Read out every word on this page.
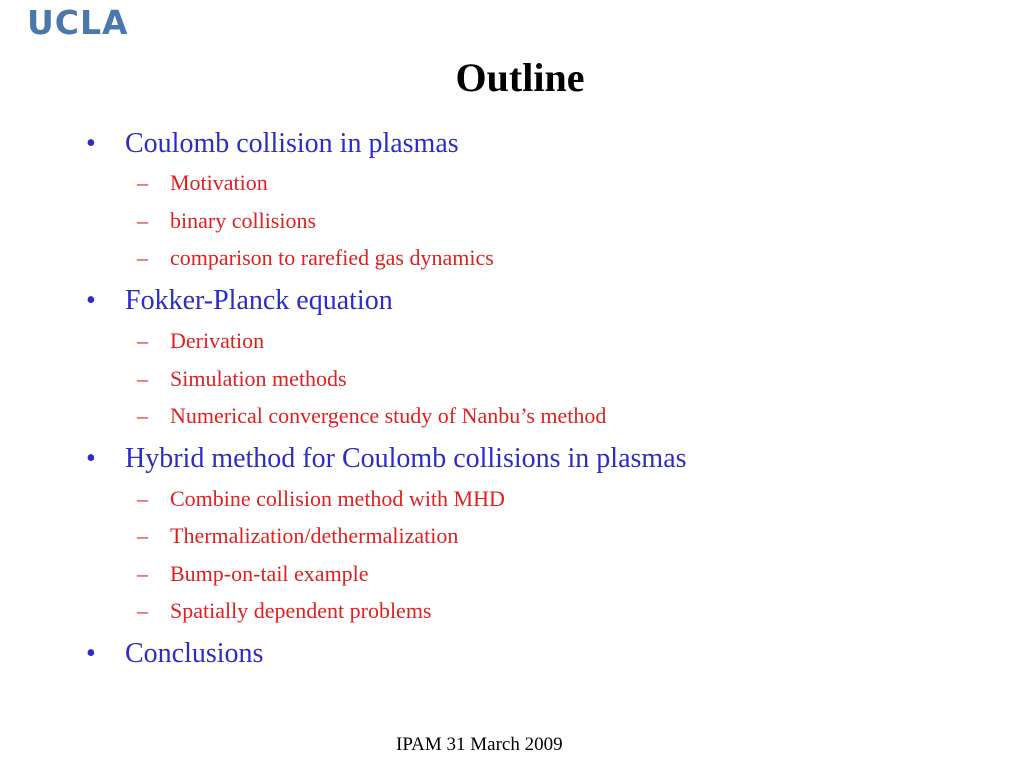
UCLA
Outline
• Coulomb collision in plasmas
– Motivation
– binary collisions
– comparison to rarefied gas dynamics
• Fokker-Planck equation
– Derivation
– Simulation methods
– Numerical convergence study of Nanbu’s method
• Hybrid method for Coulomb collisions in plasmas
– Combine collision method with MHD
– Thermalization/dethermalization
– Bump-on-tail example
– Spatially dependent problems
• Conclusions
IPAM 31 March 2009
